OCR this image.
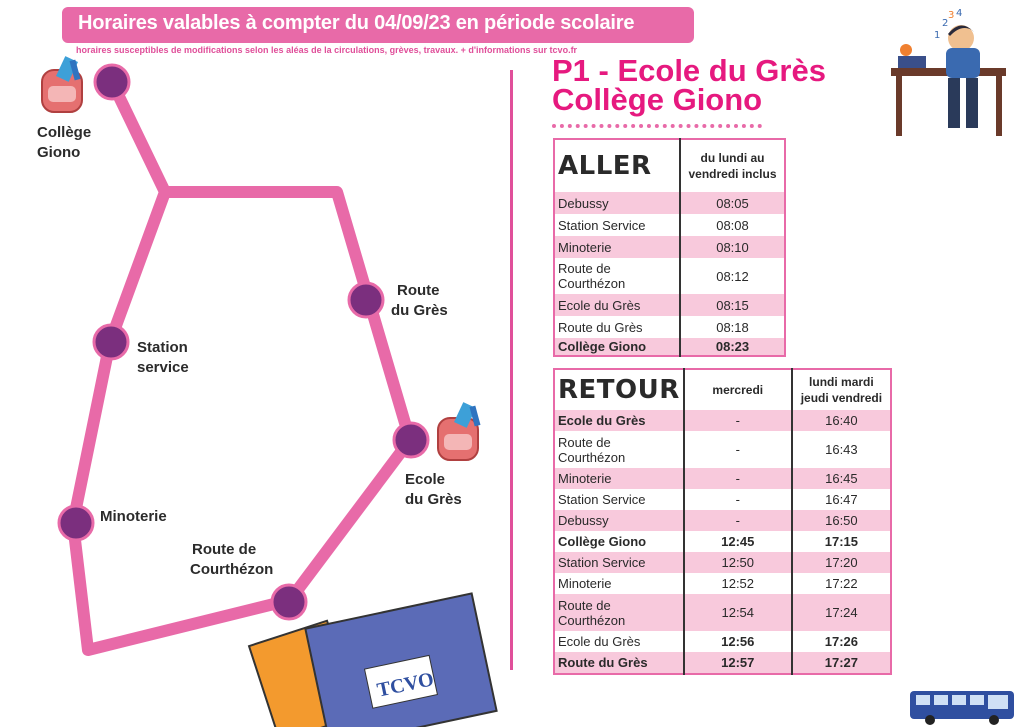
Horaires valables à compter du 04/09/23 en période scolaire
horaires susceptibles de modifications selon les aléas de la circulations, grèves, travaux. + d'informations sur tcvo.fr
TCVO
Collège
Giono
Station
service
Route
du Grès
Ecole
du Grès
Minoterie
Route de
Courthézon
P1 - Ecole du Grès
Collège Giono
1
2
3 4
ALLER	du lundi au vendredi inclus
Debussy	08:05
Station Service	08:08
Minoterie	08:10
Route de Courthézon	08:12
Ecole du Grès	08:15
Route du Grès	08:18
Collège Giono	08:23
RETOUR	mercredi	lundi mardi jeudi vendredi
Ecole du Grès	-	16:40
Route de Courthézon	-	16:43
Minoterie	-	16:45
Station Service	-	16:47
Debussy	-	16:50
Collège Giono	12:45	17:15
Station Service	12:50	17:20
Minoterie	12:52	17:22
Route de Courthézon	12:54	17:24
Ecole du Grès	12:56	17:26
Route du Grès	12:57	17:27
